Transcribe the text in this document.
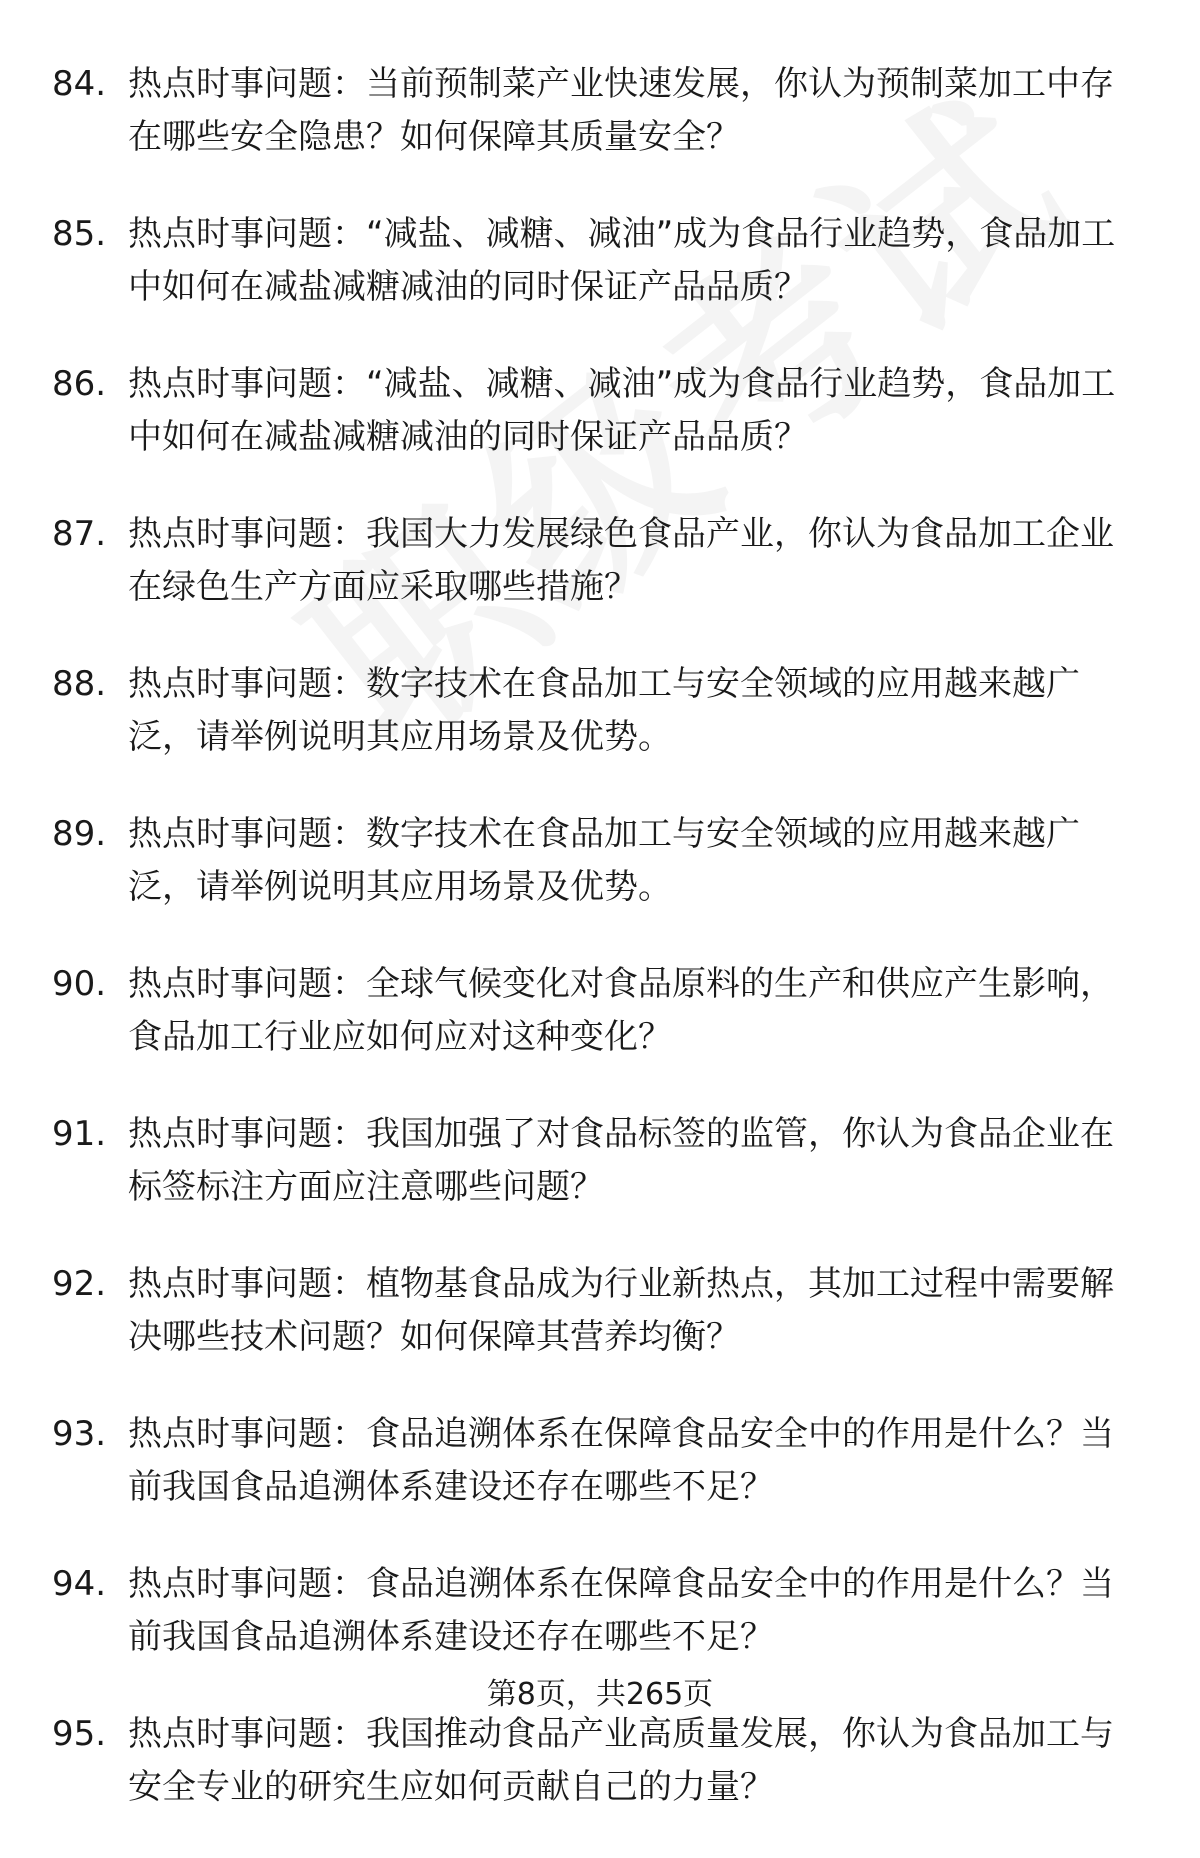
84. 热点时事问题：当前预制菜产业快速发展，你认为预制菜加工中存在哪些安全隐患？如何保障其质量安全？
85. 热点时事问题：“减盐、减糖、减油”成为食品行业趋势，食品加工中如何在减盐减糖减油的同时保证产品品质？
86. 热点时事问题：“减盐、减糖、减油”成为食品行业趋势，食品加工中如何在减盐减糖减油的同时保证产品品质？
87. 热点时事问题：我国大力发展绿色食品产业，你认为食品加工企业在绿色生产方面应采取哪些措施？
88. 热点时事问题：数字技术在食品加工与安全领域的应用越来越广泛，请举例说明其应用场景及优势。
89. 热点时事问题：数字技术在食品加工与安全领域的应用越来越广泛，请举例说明其应用场景及优势。
90. 热点时事问题：全球气候变化对食品原料的生产和供应产生影响，食品加工行业应如何应对这种变化？
91. 热点时事问题：我国加强了对食品标签的监管，你认为食品企业在标签标注方面应注意哪些问题？
92. 热点时事问题：植物基食品成为行业新热点，其加工过程中需要解决哪些技术问题？如何保障其营养均衡？
93. 热点时事问题：食品追溯体系在保障食品安全中的作用是什么？当前我国食品追溯体系建设还存在哪些不足？
94. 热点时事问题：食品追溯体系在保障食品安全中的作用是什么？当前我国食品追溯体系建设还存在哪些不足？
95. 热点时事问题：我国推动食品产业高质量发展，你认为食品加工与安全专业的研究生应如何贡献自己的力量？
第8页，共265页
